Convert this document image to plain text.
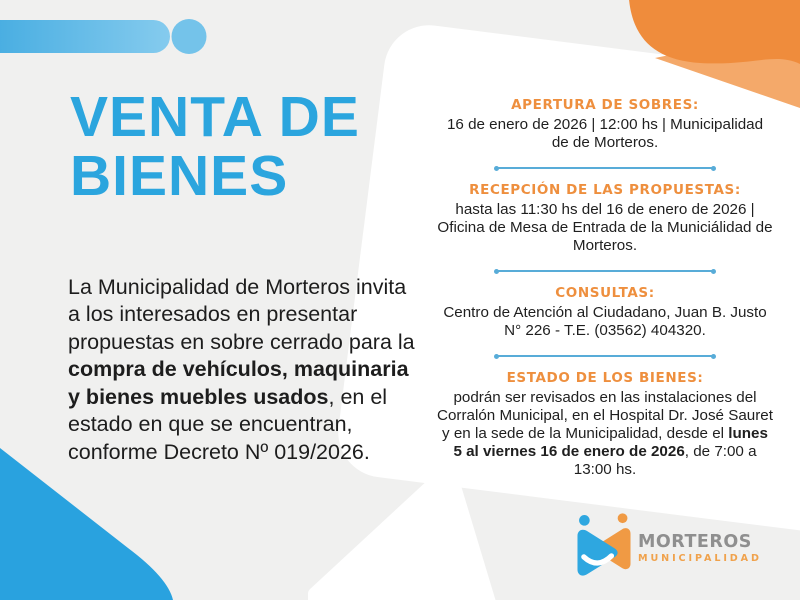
VENTA DE
BIENES

La Municipalidad de Morteros invita a los interesados en presentar propuestas en sobre cerrado para la compra de vehículos, maquinaria y bienes muebles usados, en el estado en que se encuentran, conforme Decreto Nº 019/2026.

APERTURA DE SOBRES:

16 de enero de 2026 | 12:00 hs | Municipalidad de de Morteros.

RECEPCIÓN DE LAS PROPUESTAS:

hasta las 11:30 hs del 16 de enero de 2026 | Oficina de Mesa de Entrada de la Municiálidad de Morteros.

CONSULTAS:

Centro de Atención al Ciudadano, Juan B. Justo N° 226 - T.E. (03562) 404320.

ESTADO DE LOS BIENES:

podrán ser revisados en las instalaciones del Corralón Municipal, en el Hospital Dr. José Sauret y en la sede de la Municipalidad, desde el lunes 5 al viernes 16 de enero de 2026, de 7:00 a 13:00 hs.

MORTEROS
MUNICIPALIDAD
